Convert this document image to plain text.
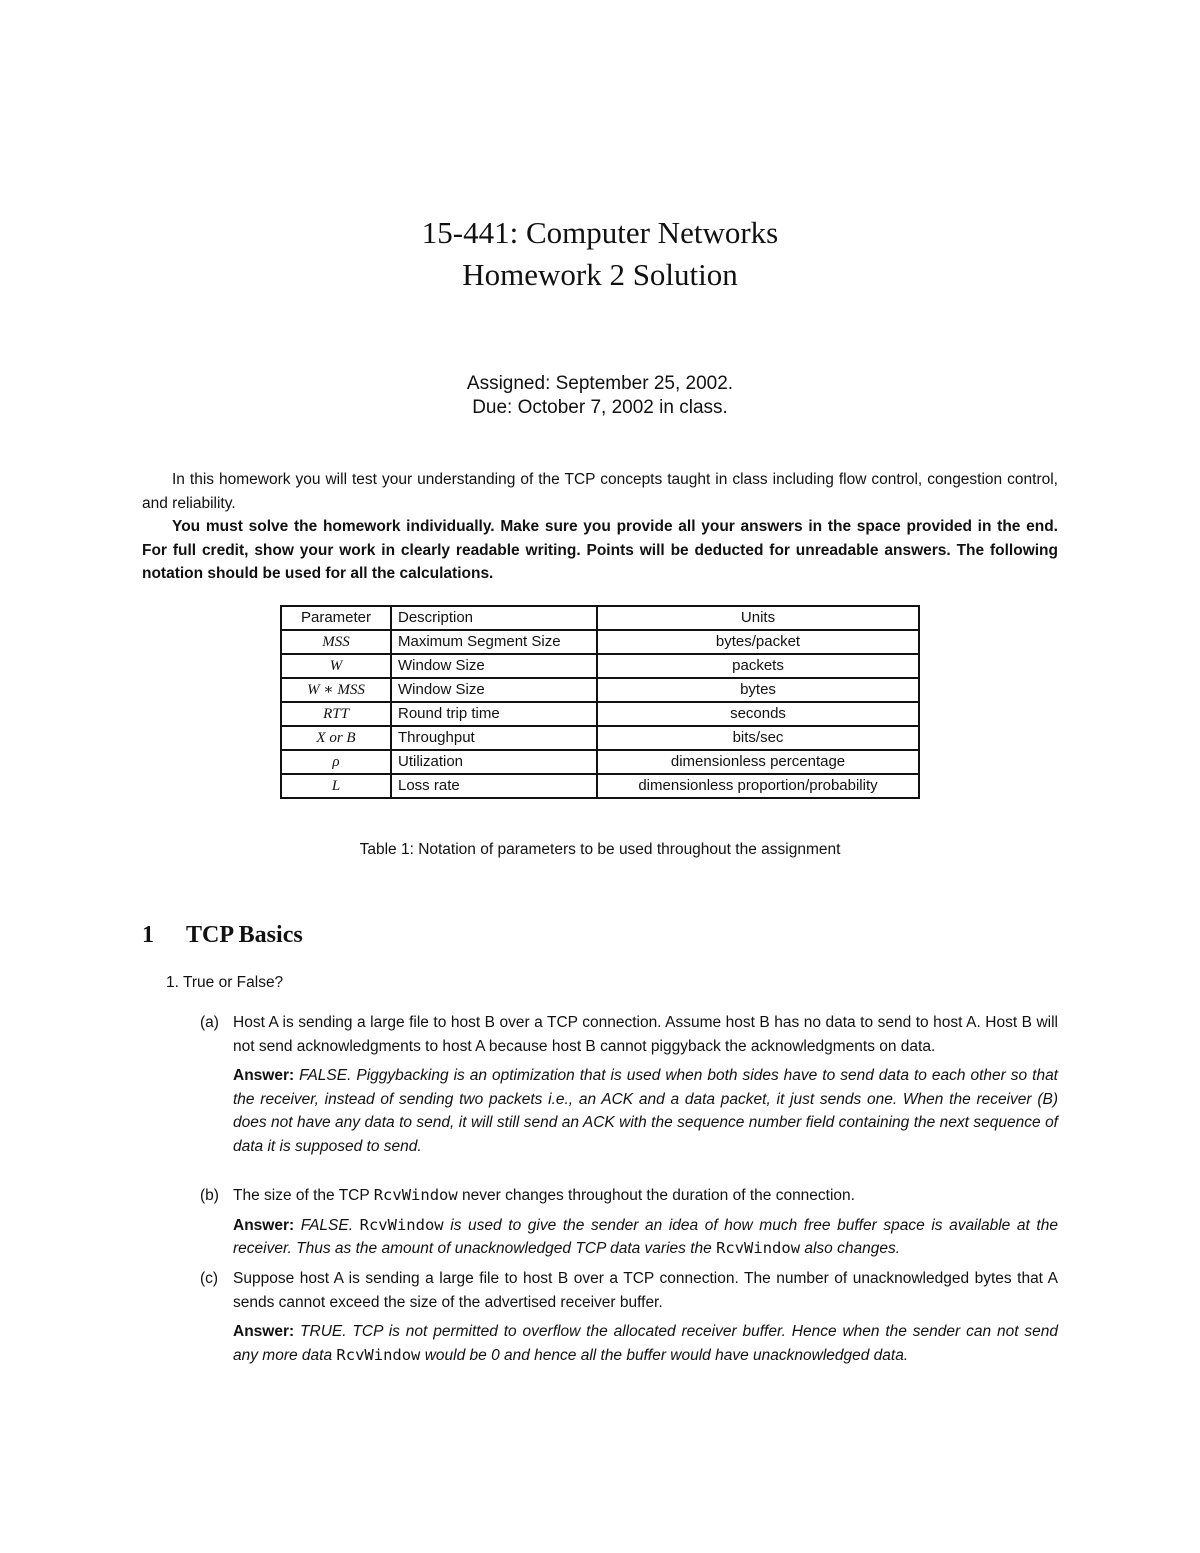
15-441: Computer Networks
Homework 2 Solution
Assigned: September 25, 2002.
Due: October 7, 2002 in class.
In this homework you will test your understanding of the TCP concepts taught in class including flow control, congestion control, and reliability.
You must solve the homework individually. Make sure you provide all your answers in the space provided in the end. For full credit, show your work in clearly readable writing. Points will be deducted for unreadable answers. The following notation should be used for all the calculations.
Parameter	Description	Units
MSS	Maximum Segment Size	bytes/packet
W	Window Size	packets
W ∗ MSS	Window Size	bytes
RTT	Round trip time	seconds
X or B	Throughput	bits/sec
ρ	Utilization	dimensionless percentage
L	Loss rate	dimensionless proportion/probability
Table 1: Notation of parameters to be used throughout the assignment
1 TCP Basics
1. True or False?
(a) Host A is sending a large file to host B over a TCP connection. Assume host B has no data to send to host A. Host B will not send acknowledgments to host A because host B cannot piggyback the acknowledgments on data.
Answer: FALSE. Piggybacking is an optimization that is used when both sides have to send data to each other so that the receiver, instead of sending two packets i.e., an ACK and a data packet, it just sends one. When the receiver (B) does not have any data to send, it will still send an ACK with the sequence number field containing the next sequence of data it is supposed to send.
(b) The size of the TCP RcvWindow never changes throughout the duration of the connection.
Answer: FALSE. RcvWindow is used to give the sender an idea of how much free buffer space is available at the receiver. Thus as the amount of unacknowledged TCP data varies the RcvWindow also changes.
(c) Suppose host A is sending a large file to host B over a TCP connection. The number of unacknowledged bytes that A sends cannot exceed the size of the advertised receiver buffer.
Answer: TRUE. TCP is not permitted to overflow the allocated receiver buffer. Hence when the sender can not send any more data RcvWindow would be 0 and hence all the buffer would have unacknowledged data.
